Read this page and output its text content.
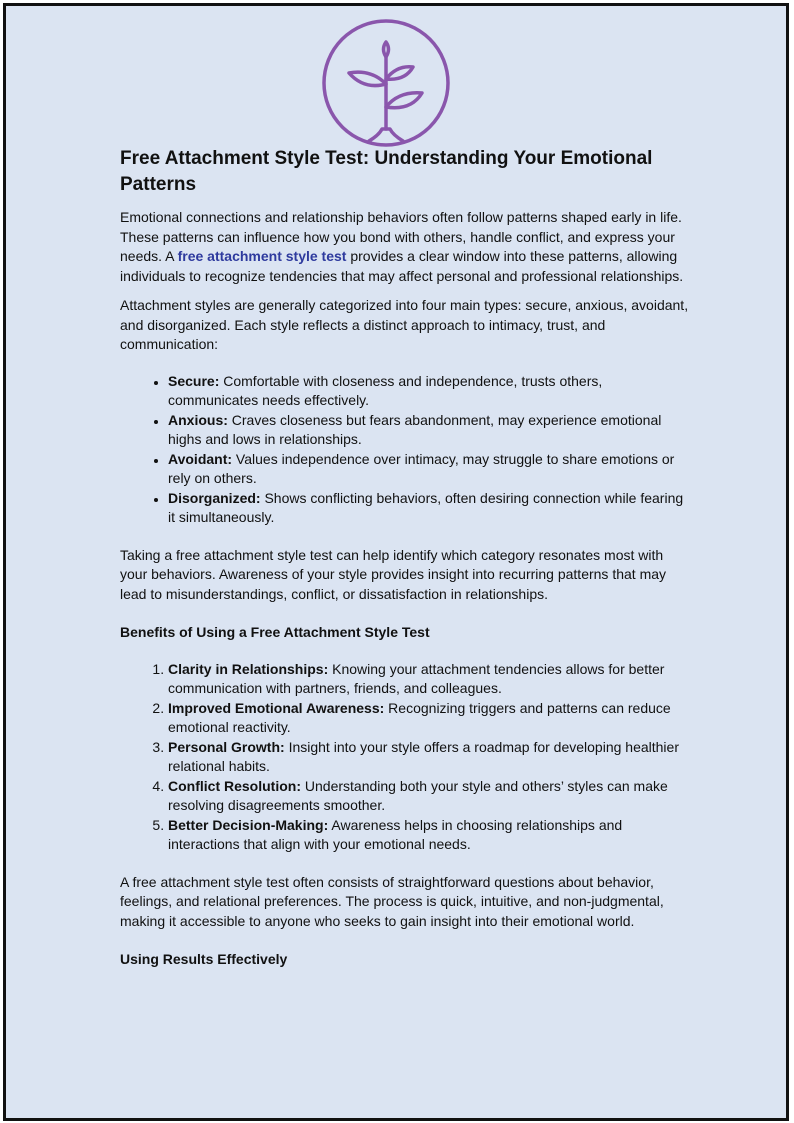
Free Attachment Style Test: Understanding Your Emotional Patterns

Emotional connections and relationship behaviors often follow patterns shaped early in life. These patterns can influence how you bond with others, handle conflict, and express your needs. A free attachment style test provides a clear window into these patterns, allowing individuals to recognize tendencies that may affect personal and professional relationships.

Attachment styles are generally categorized into four main types: secure, anxious, avoidant, and disorganized. Each style reflects a distinct approach to intimacy, trust, and communication:

• Secure: Comfortable with closeness and independence, trusts others, communicates needs effectively.
• Anxious: Craves closeness but fears abandonment, may experience emotional highs and lows in relationships.
• Avoidant: Values independence over intimacy, may struggle to share emotions or rely on others.
• Disorganized: Shows conflicting behaviors, often desiring connection while fearing it simultaneously.

Taking a free attachment style test can help identify which category resonates most with your behaviors. Awareness of your style provides insight into recurring patterns that may lead to misunderstandings, conflict, or dissatisfaction in relationships.

Benefits of Using a Free Attachment Style Test
1. Clarity in Relationships: Knowing your attachment tendencies allows for better communication with partners, friends, and colleagues.
2. Improved Emotional Awareness: Recognizing triggers and patterns can reduce emotional reactivity.
3. Personal Growth: Insight into your style offers a roadmap for developing healthier relational habits.
4. Conflict Resolution: Understanding both your style and others’ styles can make resolving disagreements smoother.
5. Better Decision-Making: Awareness helps in choosing relationships and interactions that align with your emotional needs.

A free attachment style test often consists of straightforward questions about behavior, feelings, and relational preferences. The process is quick, intuitive, and non-judgmental, making it accessible to anyone who seeks to gain insight into their emotional world.

Using Results Effectively
